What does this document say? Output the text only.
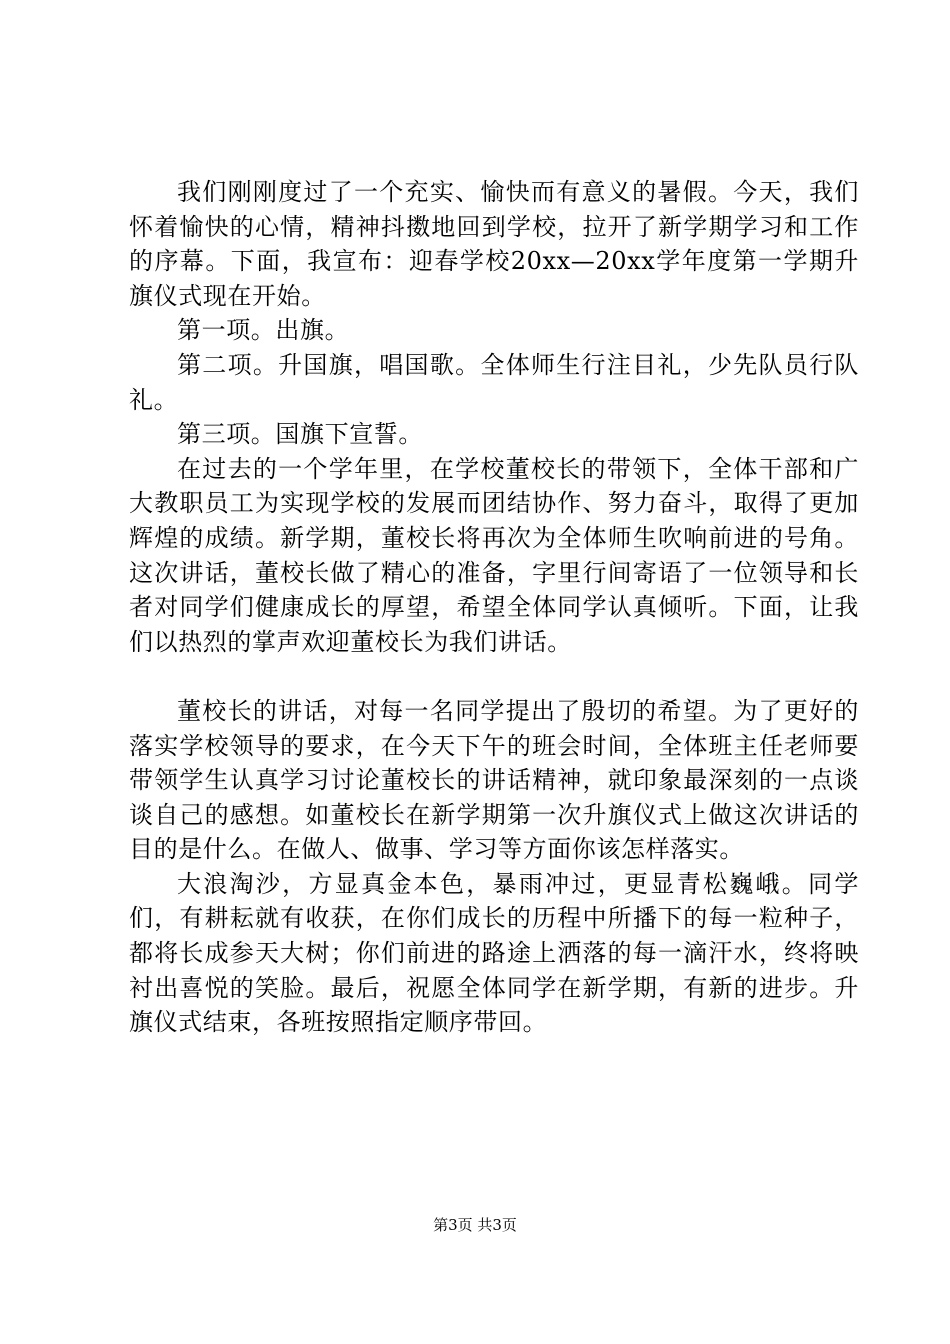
我们刚刚度过了一个充实、愉快而有意义的暑假。今天，我们怀着愉快的心情，精神抖擞地回到学校，拉开了新学期学习和工作的序幕。下面，我宣布：迎春学校20xx—20xx学年度第一学期升旗仪式现在开始。

第一项。出旗。

第二项。升国旗，唱国歌。全体师生行注目礼，少先队员行队礼。

第三项。国旗下宣誓。

在过去的一个学年里，在学校董校长的带领下，全体干部和广大教职员工为实现学校的发展而团结协作、努力奋斗，取得了更加辉煌的成绩。新学期，董校长将再次为全体师生吹响前进的号角。这次讲话，董校长做了精心的准备，字里行间寄语了一位领导和长者对同学们健康成长的厚望，希望全体同学认真倾听。下面，让我们以热烈的掌声欢迎董校长为我们讲话。

董校长的讲话，对每一名同学提出了殷切的希望。为了更好的落实学校领导的要求，在今天下午的班会时间，全体班主任老师要带领学生认真学习讨论董校长的讲话精神，就印象最深刻的一点谈谈自己的感想。如董校长在新学期第一次升旗仪式上做这次讲话的目的是什么。在做人、做事、学习等方面你该怎样落实。

大浪淘沙，方显真金本色，暴雨冲过，更显青松巍峨。同学们，有耕耘就有收获，在你们成长的历程中所播下的每一粒种子，都将长成参天大树；你们前进的路途上洒落的每一滴汗水，终将映衬出喜悦的笑脸。最后，祝愿全体同学在新学期，有新的进步。升旗仪式结束，各班按照指定顺序带回。

第3页 共3页
